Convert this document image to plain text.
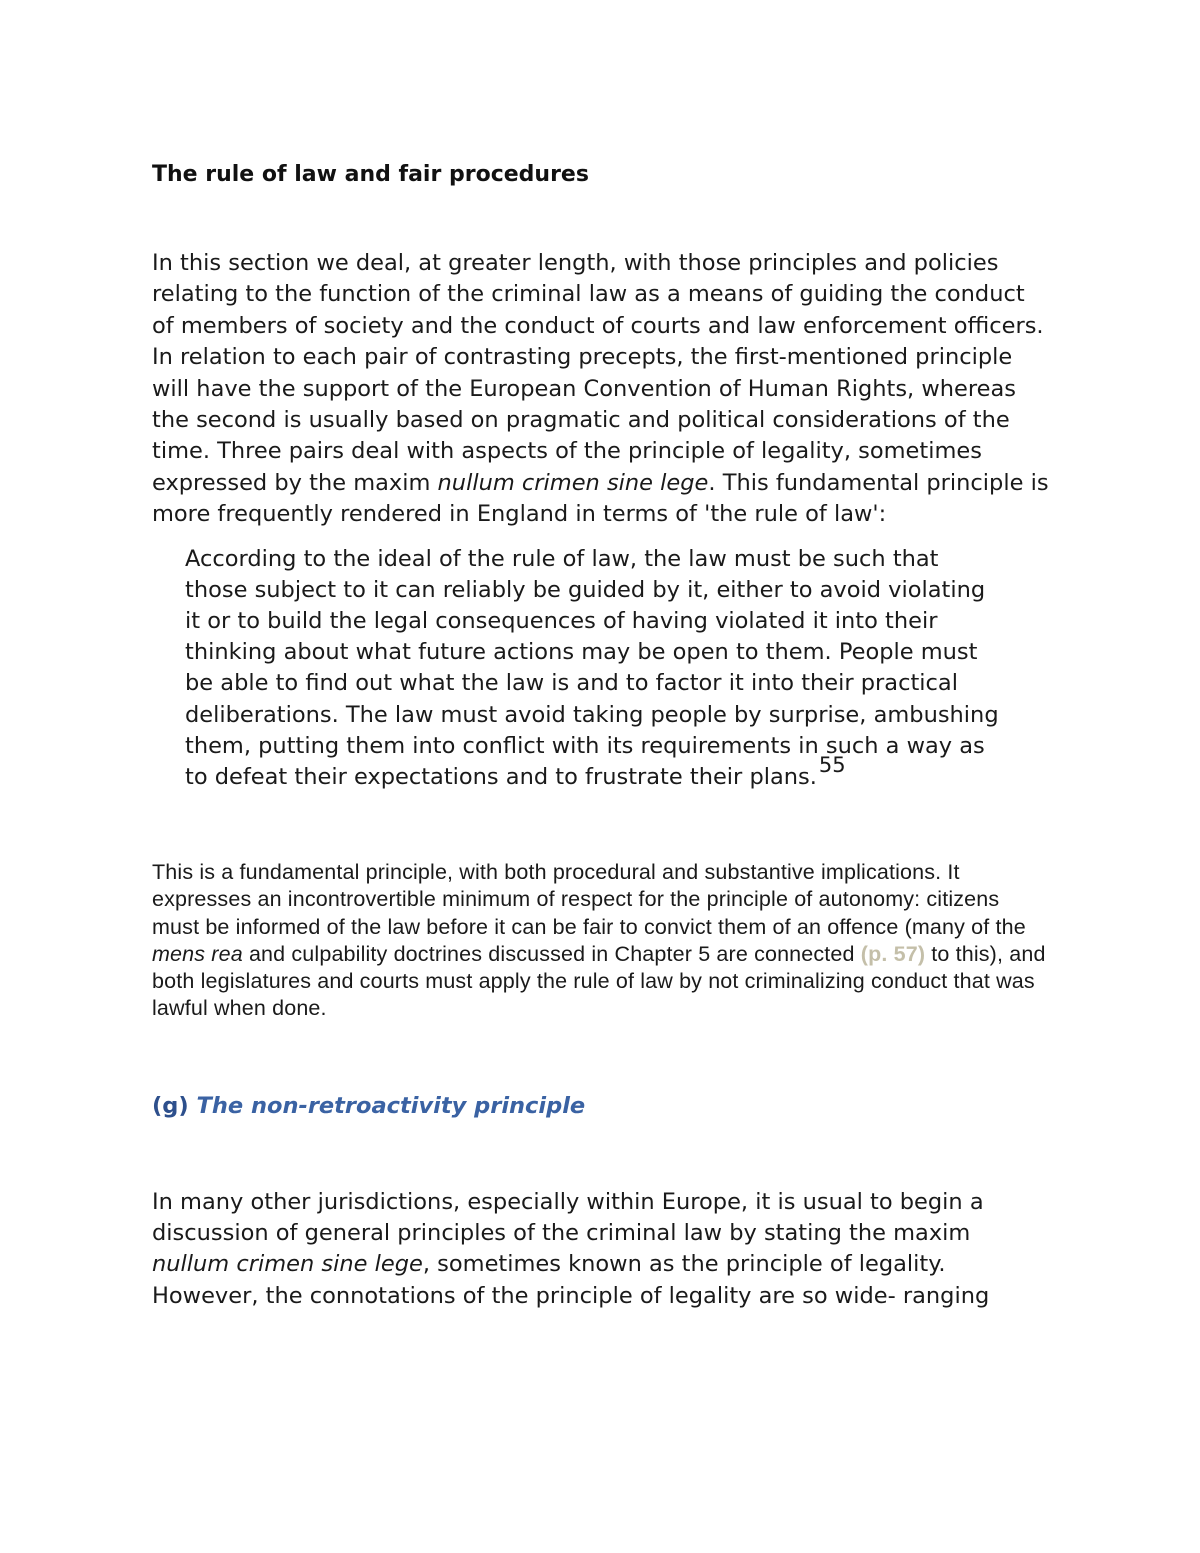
The rule of law and fair procedures

In this section we deal, at greater length, with those principles and policies relating to the function of the criminal law as a means of guiding the conduct of members of society and the conduct of courts and law enforcement officers. In relation to each pair of contrasting precepts, the first-mentioned principle will have the support of the European Convention of Human Rights, whereas the second is usually based on pragmatic and political considerations of the time. Three pairs deal with aspects of the principle of legality, sometimes expressed by the maxim nullum crimen sine lege. This fundamental principle is more frequently rendered in England in terms of 'the rule of law':

According to the ideal of the rule of law, the law must be such that those subject to it can reliably be guided by it, either to avoid violating it or to build the legal consequences of having violated it into their thinking about what future actions may be open to them. People must be able to find out what the law is and to factor it into their practical deliberations. The law must avoid taking people by surprise, ambushing them, putting them into conflict with its requirements in such a way as to defeat their expectations and to frustrate their plans.$^{55}$

This is a fundamental principle, with both procedural and substantive implications. It expresses an incontrovertible minimum of respect for the principle of autonomy: citizens must be informed of the law before it can be fair to convict them of an offence (many of the mens rea and culpability doctrines discussed in Chapter 5 are connected (p. 57) to this), and both legislatures and courts must apply the rule of law by not criminalizing conduct that was lawful when done.

(g) The non-retroactivity principle

In many other jurisdictions, especially within Europe, it is usual to begin a discussion of general principles of the criminal law by stating the maxim nullum crimen sine lege, sometimes known as the principle of legality. However, the connotations of the principle of legality are so wide- ranging
